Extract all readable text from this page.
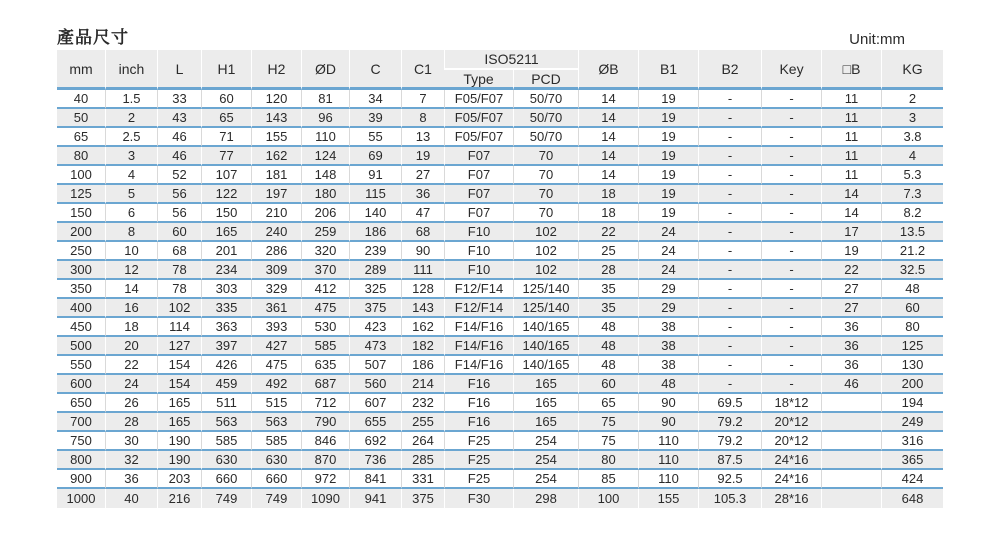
產品尺寸	Unit:mm
mm	inch	L	H1	H2	ØD	C	C1	ISO5211		ØB	B1	B2	Key	□B	KG
								Type	PCD						
40	1.5	33	60	120	81	34	7	F05/F07	50/70	14	19	-	-	11	2
50	2	43	65	143	96	39	8	F05/F07	50/70	14	19	-	-	11	3
65	2.5	46	71	155	110	55	13	F05/F07	50/70	14	19	-	-	11	3.8
80	3	46	77	162	124	69	19	F07	70	14	19	-	-	11	4
100	4	52	107	181	148	91	27	F07	70	14	19	-	-	11	5.3
125	5	56	122	197	180	115	36	F07	70	18	19	-	-	14	7.3
150	6	56	150	210	206	140	47	F07	70	18	19	-	-	14	8.2
200	8	60	165	240	259	186	68	F10	102	22	24	-	-	17	13.5
250	10	68	201	286	320	239	90	F10	102	25	24	-	-	19	21.2
300	12	78	234	309	370	289	111	F10	102	28	24	-	-	22	32.5
350	14	78	303	329	412	325	128	F12/F14	125/140	35	29	-	-	27	48
400	16	102	335	361	475	375	143	F12/F14	125/140	35	29	-	-	27	60
450	18	114	363	393	530	423	162	F14/F16	140/165	48	38	-	-	36	80
500	20	127	397	427	585	473	182	F14/F16	140/165	48	38	-	-	36	125
550	22	154	426	475	635	507	186	F14/F16	140/165	48	38	-	-	36	130
600	24	154	459	492	687	560	214	F16	165	60	48	-	-	46	200
650	26	165	511	515	712	607	232	F16	165	65	90	69.5	18*12		194
700	28	165	563	563	790	655	255	F16	165	75	90	79.2	20*12		249
750	30	190	585	585	846	692	264	F25	254	75	110	79.2	20*12		316
800	32	190	630	630	870	736	285	F25	254	80	110	87.5	24*16		365
900	36	203	660	660	972	841	331	F25	254	85	110	92.5	24*16		424
1000	40	216	749	749	1090	941	375	F30	298	100	155	105.3	28*16		648
